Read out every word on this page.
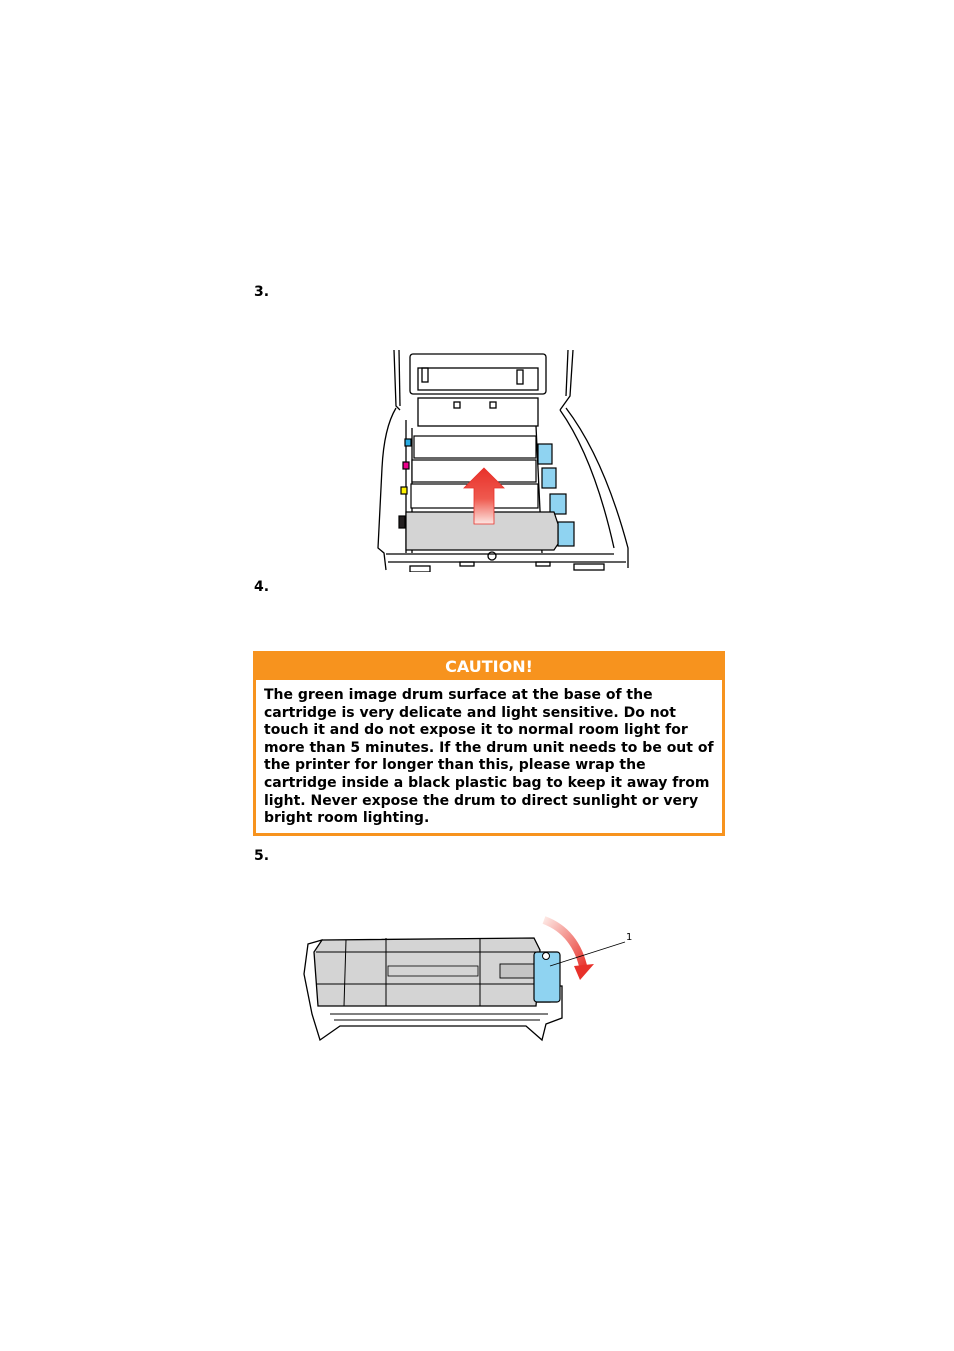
3.
4.
CAUTION!
The green image drum surface at the base of the cartridge is very delicate and light sensitive. Do not touch it and do not expose it to normal room light for more than 5 minutes. If the drum unit needs to be out of the printer for longer than this, please wrap the cartridge inside a black plastic bag to keep it away from light. Never expose the drum to direct sunlight or very bright room lighting.
5.
1
